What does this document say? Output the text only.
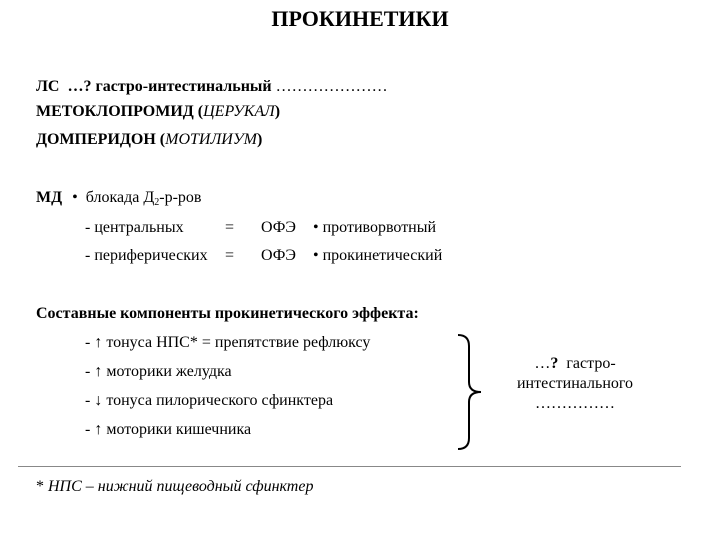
ПРОКИНЕТИКИ
ЛС …? гастро-интестинальный …………………
МЕТОКЛОПРОМИД (ЦЕРУКАЛ)
ДОМПЕРИДОН (МОТИЛИУМ)
МД • блокада $Д_2-р$-ров
- центральных	= ОФЭ • противорвотный
- периферических = ОФЭ • прокинетический
Составные компоненты прокинетического эффекта:
- ↑ тонуса НПС* = препятствие рефлюксу
- ↑ моторики желудка
- ↓ тонуса пилорического сфинктера
- ↑ моторики кишечника
…?  гастро-
интестинального
……………
* НПС – нижний пищеводный сфинктер
